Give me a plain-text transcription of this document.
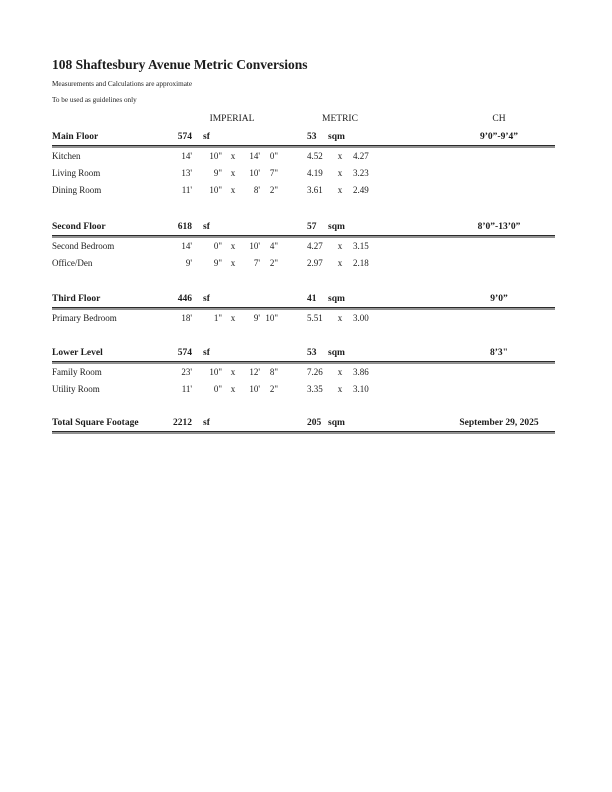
108 Shaftesbury Avenue Metric Conversions
Measurements and Calculations are approximate
To be used as guidelines only
IMPERIAL	METRIC	CH
Main Floor	574 sf	53 sqm	9’0”-9’4”
Kitchen	14'	10" x	14'	0"	4.52	x	4.27
Living Room	13'	9" x	10'	7"	4.19	x	3.23
Dining Room	11'	10" x	8'	2"	3.61	x	2.49
Second Floor	618 sf	57 sqm	8’0”-13’0”
Second Bedroom	14'	0" x	10'	4"	4.27	x	3.15
Office/Den	9'	9" x	7'	2"	2.97	x	2.18
Third Floor	446 sf	41 sqm	9’0”
Primary Bedroom	18'	1" x	9' 10"	5.51	x	3.00
Lower Level	574 sf	53 sqm	8’3"
Family Room	23'	10" x	12'	8"	7.26	x	3.86
Utility Room	11'	0" x	10'	2"	3.35	x	3.10
Total Square Footage	2212 sf	205 sqm	September 29, 2025
